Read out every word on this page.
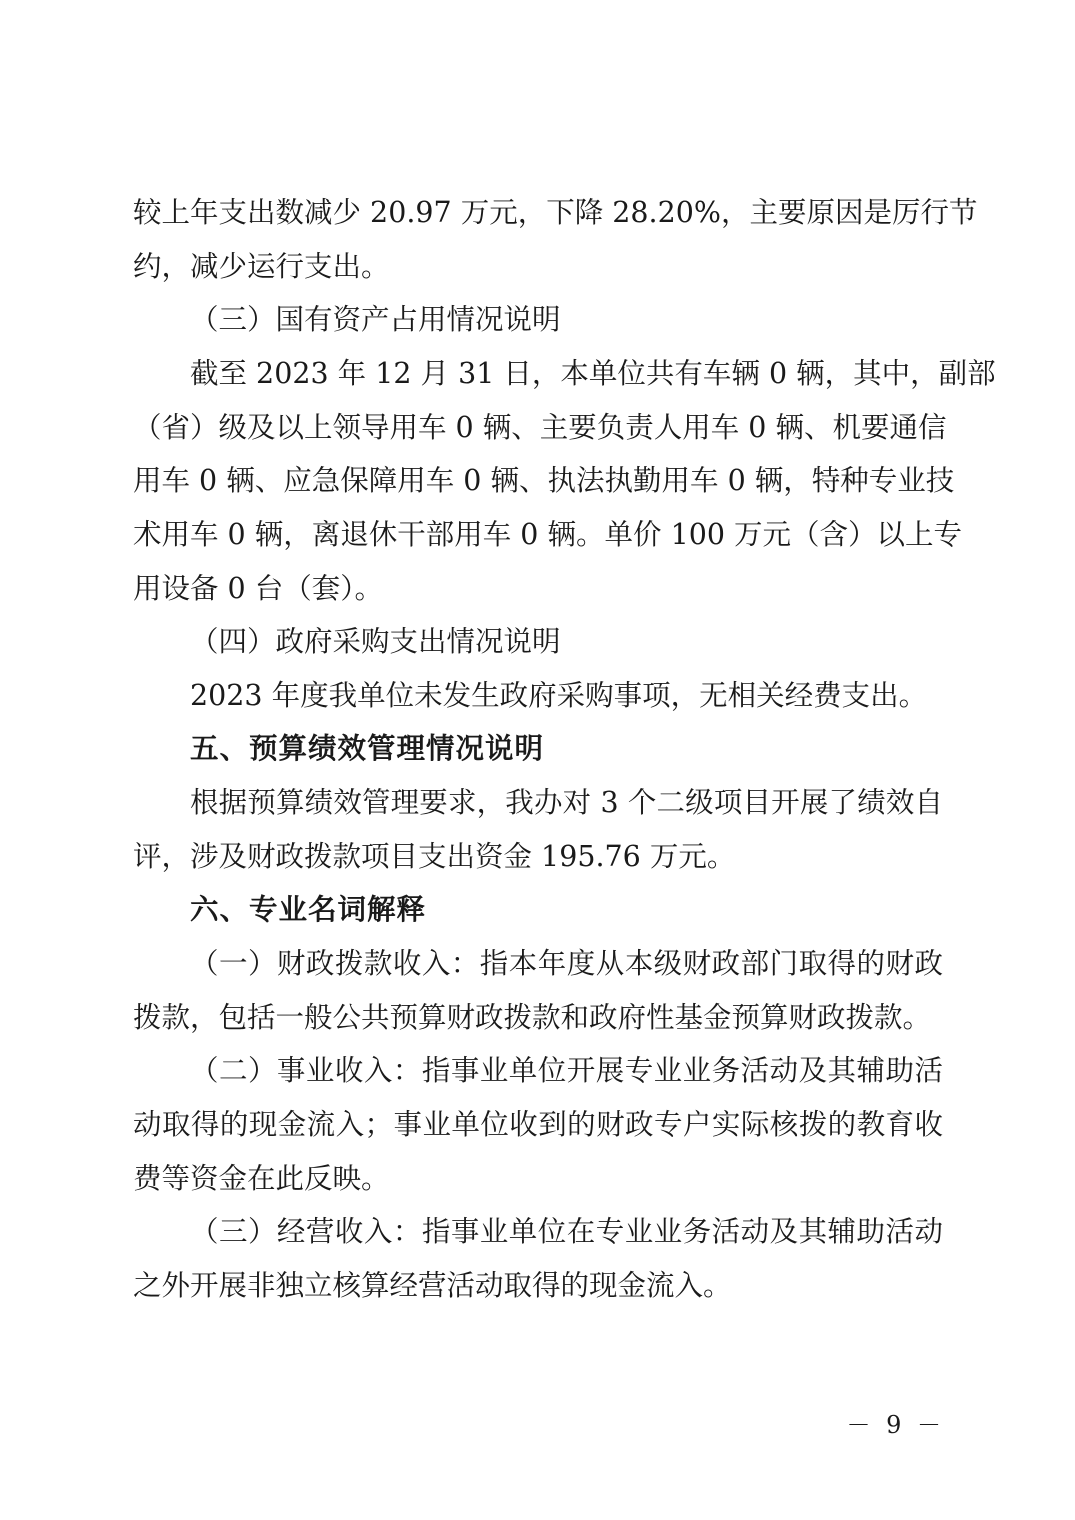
较上年支出数减少 20.97 万元，下降 28.20%，主要原因是厉行节
约，减少运行支出。
（三）国有资产占用情况说明
截至 2023 年 12 月 31 日，本单位共有车辆 0 辆，其中，副部
（省）级及以上领导用车 0 辆、主要负责人用车 0 辆、机要通信
用车 0 辆、应急保障用车 0 辆、执法执勤用车 0 辆，特种专业技
术用车 0 辆，离退休干部用车 0 辆。单价 100 万元（含）以上专
用设备 0 台（套）。
（四）政府采购支出情况说明
2023 年度我单位未发生政府采购事项，无相关经费支出。
五、预算绩效管理情况说明
根据预算绩效管理要求，我办对 3 个二级项目开展了绩效自
评，涉及财政拨款项目支出资金 195.76 万元。
六、专业名词解释
（一）财政拨款收入：指本年度从本级财政部门取得的财政
拨款，包括一般公共预算财政拨款和政府性基金预算财政拨款。
（二）事业收入：指事业单位开展专业业务活动及其辅助活
动取得的现金流入；事业单位收到的财政专户实际核拨的教育收
费等资金在此反映。
（三）经营收入：指事业单位在专业业务活动及其辅助活动
之外开展非独立核算经营活动取得的现金流入。
－ 9 －
